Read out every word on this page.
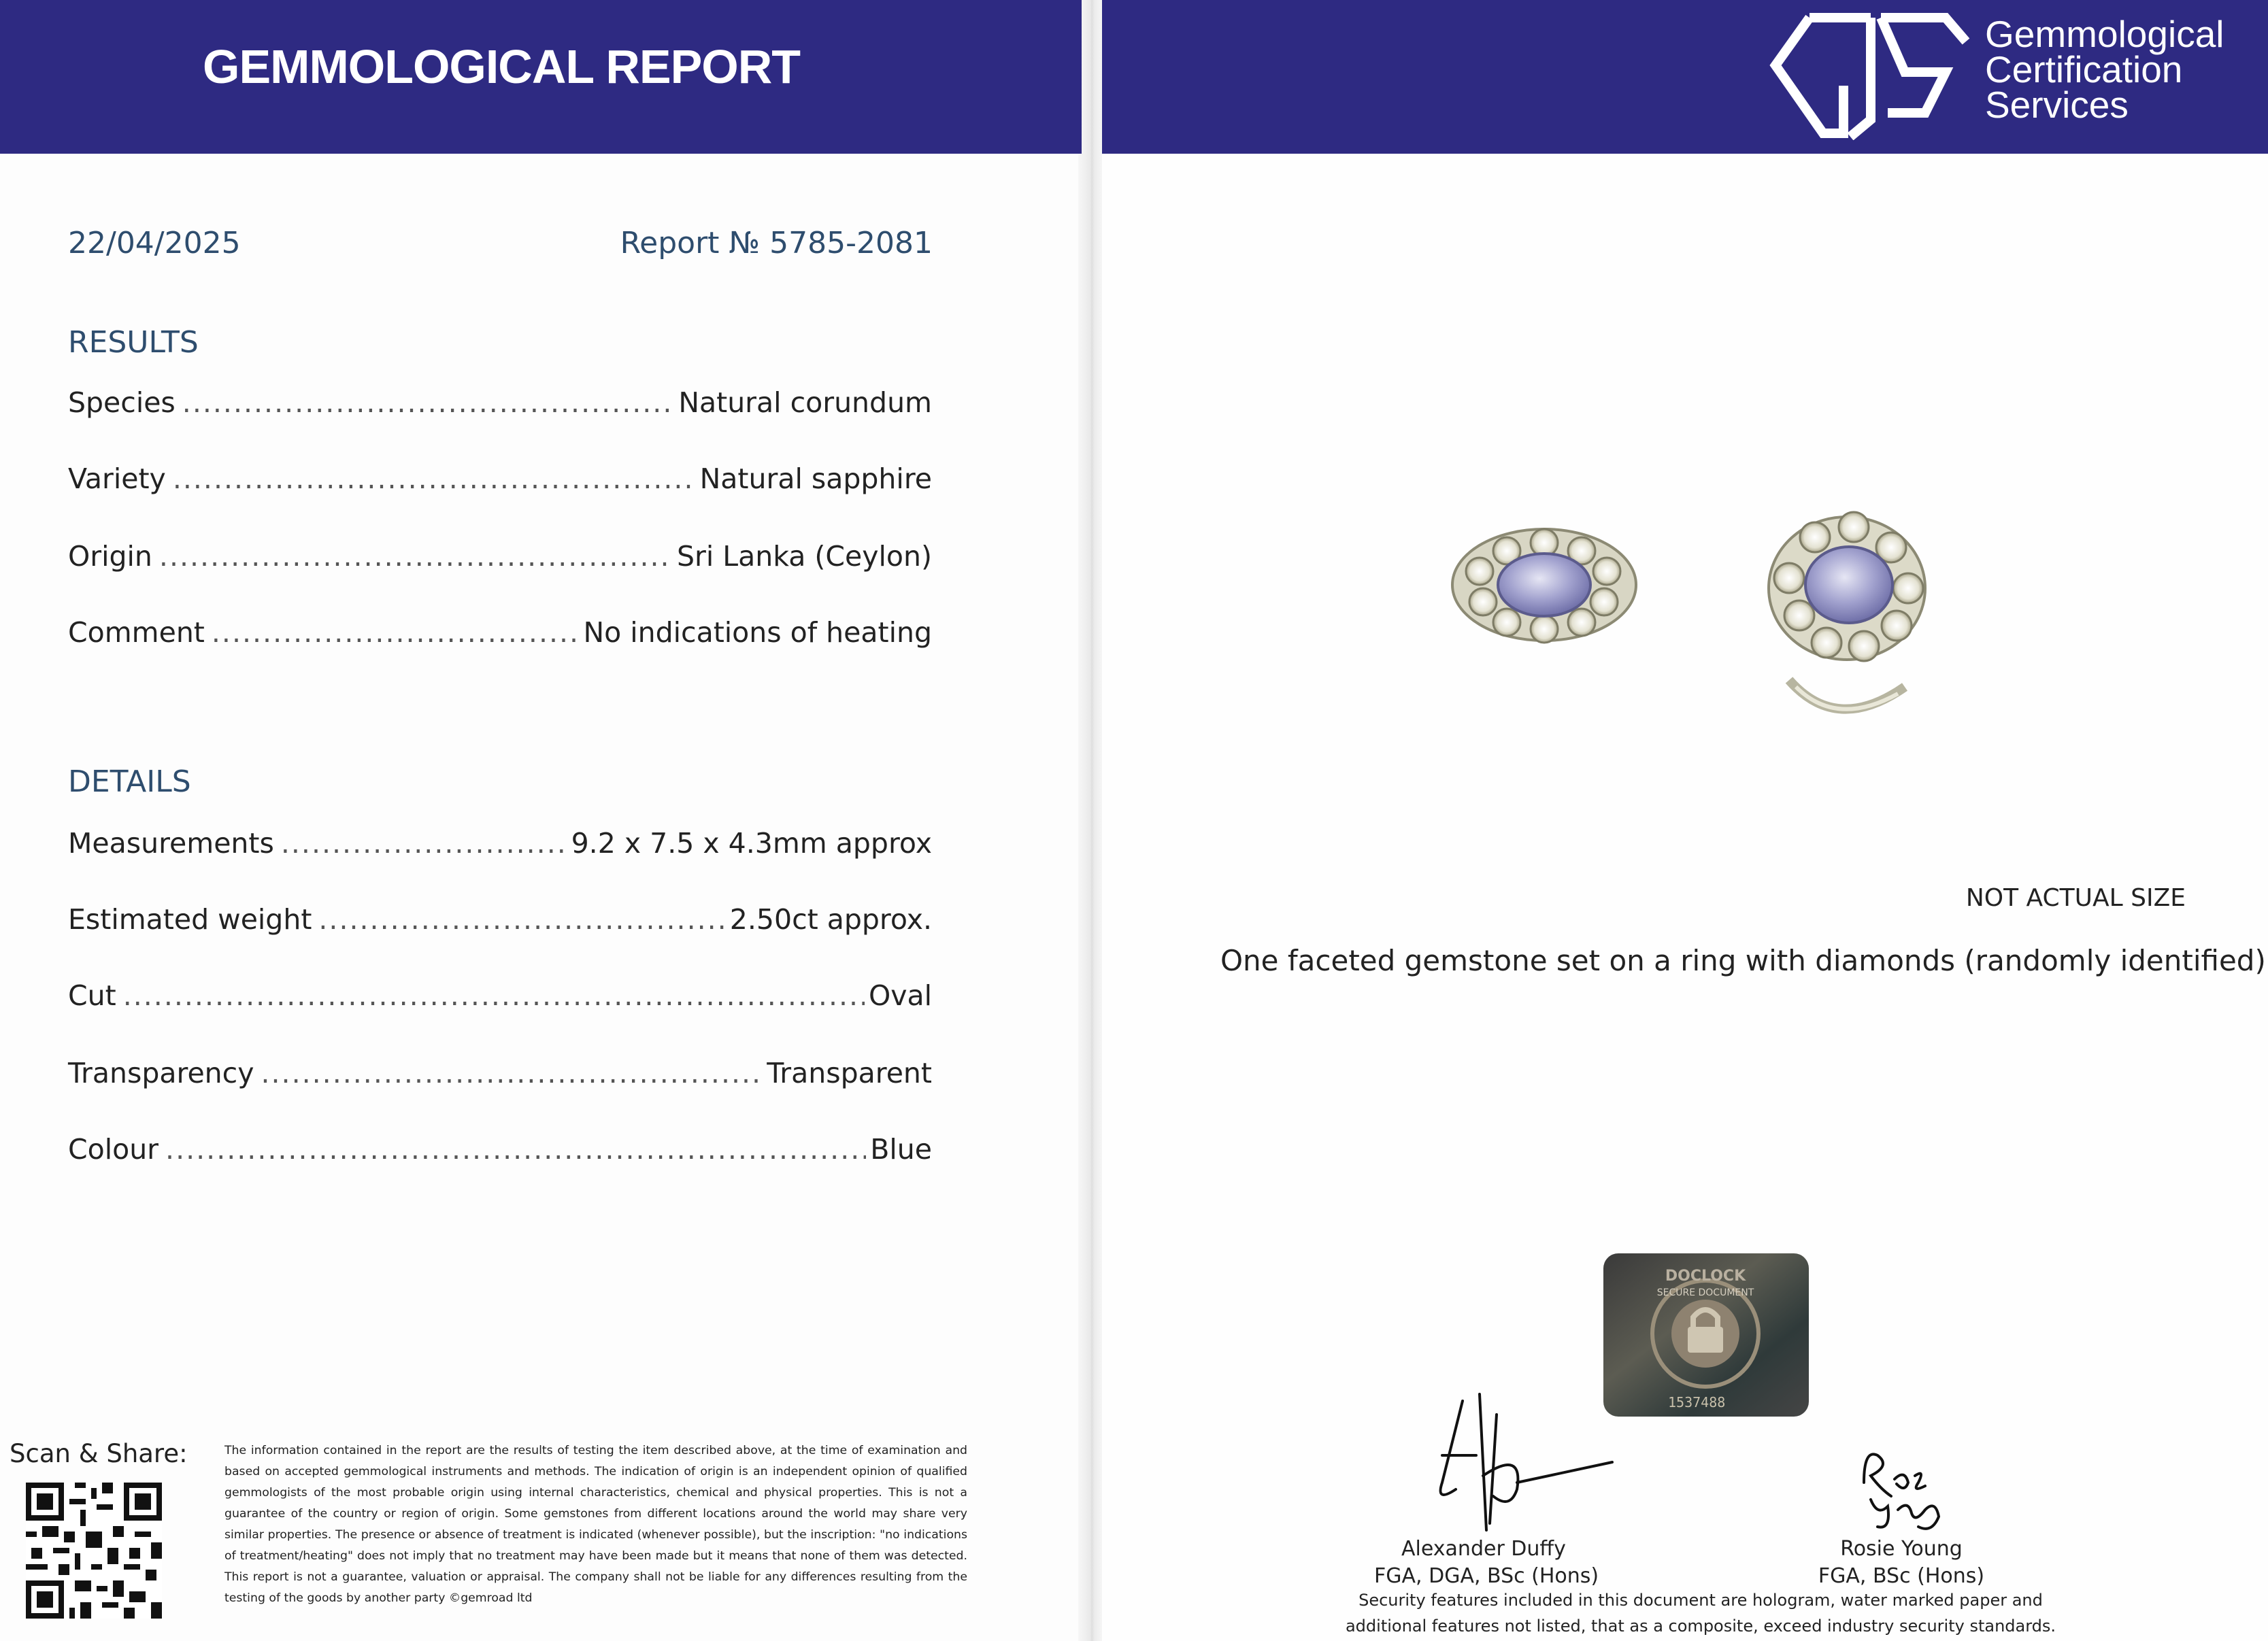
GEMMOLOGICAL REPORT
Gemmological
Certification
Services
22/04/2025	Report № 5785-2081
RESULTS
Species .....	Natural corundum
Variety .....	Natural sapphire
Origin .....	Sri Lanka (Ceylon)
Comment .....	No indications of heating
DETAILS
Measurements .....	9.2 x 7.5 x 4.3mm approx
Estimated weight .....	2.50ct approx.
Cut .....	Oval
Transparency .....	Transparent
Colour .....	Blue
Scan & Share:	The information contained in the report are the results of testing the item described above, at the time of examination and based on accepted gemmological instruments and methods. The indication of origin is an independent opinion of qualified gemmologists of the most probable origin using internal characteristics, chemical and physical properties. This is not a guarantee of the country or region of origin. Some gemstones from different locations around the world may share very similar properties. The presence or absence of treatment is indicated (whenever possible), but the inscription: "no indications of treatment/heating" does not imply that no treatment may have been made but it means that none of them was detected. This report is not a guarantee, valuation or appraisal. The company shall not be liable for any differences resulting from the testing of the goods by another party ©gemroad ltd
NOT ACTUAL SIZE
One faceted gemstone set on a ring with diamonds (randomly identified)
DOCLOCK
SECURE DOCUMENT
1537488
Alexander Duffy
FGA, DGA, BSc (Hons)
Rosie Young
FGA, BSc (Hons)
Security features included in this document are hologram, water marked paper and additional features not listed, that as a composite, exceed industry security standards.
